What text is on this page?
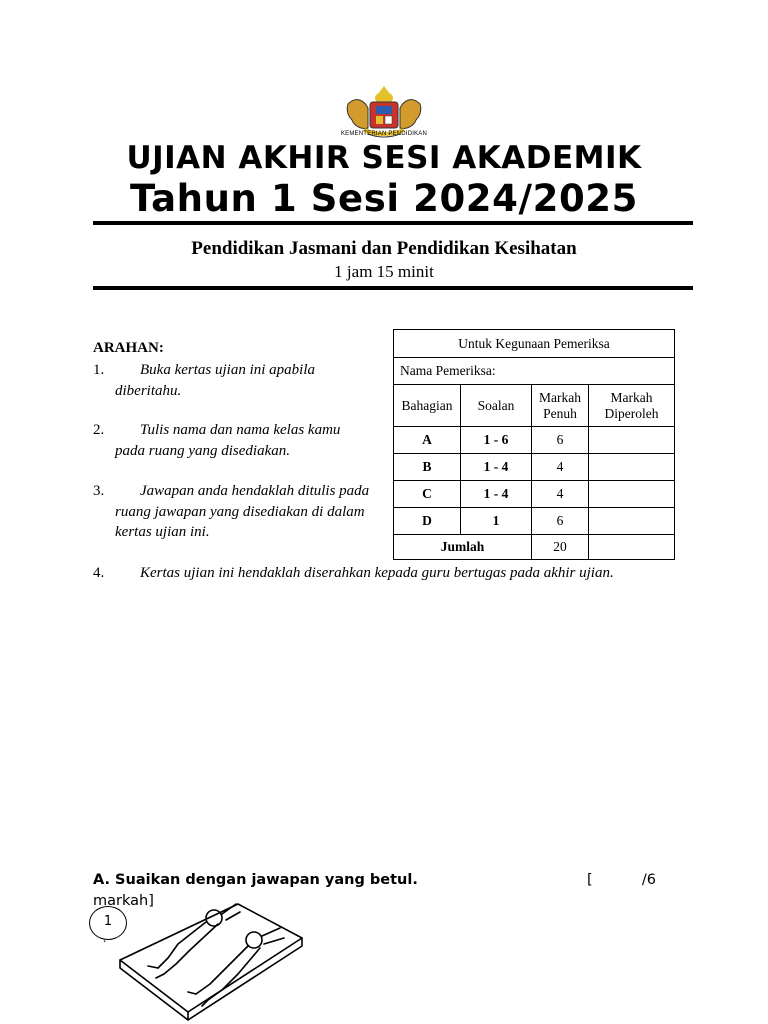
KEMENTERIAN PENDIDIKAN
UJIAN AKHIR SESI AKADEMIK
Tahun 1 Sesi 2024/2025
Pendidikan Jasmani dan Pendidikan Kesihatan
1 jam 15 minit
ARAHAN:
1.	Buka kertas ujian ini apabila diberitahu.
2.	Tulis nama dan nama kelas kamu pada ruang yang disediakan.
3.	Jawapan anda hendaklah ditulis pada ruang jawapan yang disediakan di dalam kertas ujian ini.
4.	Kertas ujian ini hendaklah diserahkan kepada guru bertugas pada akhir ujian.
Untuk Kegunaan Pemeriksa			
Nama Pemeriksa:			
Bahagian	Soalan	Markah Penuh	Markah Diperoleh
A	1 - 6	6	
B	1 - 4	4	
C	1 - 4	4	
D	1	6	
Jumlah		20	
A. Suaikan dengan jawapan yang betul.	[	/6
markah]
1
.
